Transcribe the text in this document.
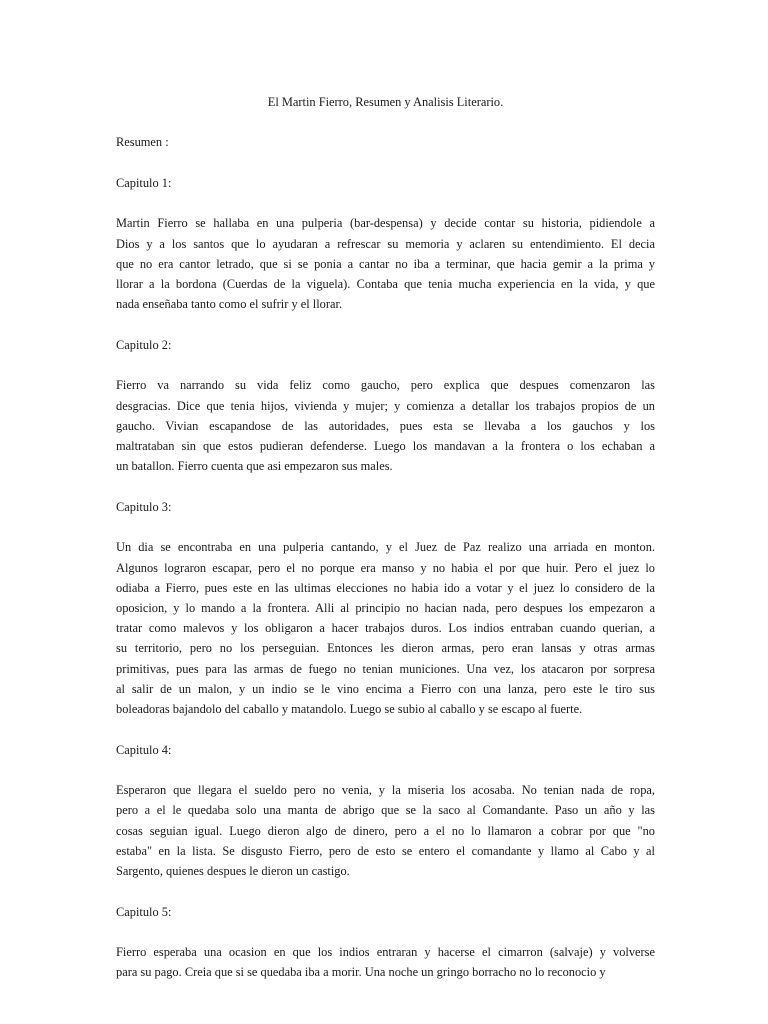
El Martin Fierro, Resumen y Analisis Literario.
Resumen :
Capitulo 1:
Martin Fierro se hallaba en una pulperia (bar-despensa) y decide contar su historia, pidiendole a
Dios y a los santos que lo ayudaran a refrescar su memoria y aclaren su entendimiento. El decia
que no era cantor letrado, que si se ponia a cantar no iba a terminar, que hacia gemir a la prima y
llorar a la bordona (Cuerdas de la viguela). Contaba que tenia mucha experiencia en la vida, y que
nada enseñaba tanto como el sufrir y el llorar.
Capitulo 2:
Fierro va narrando su vida feliz como gaucho, pero explica que despues comenzaron las
desgracias. Dice que tenia hijos, vivienda y mujer; y comienza a detallar los trabajos propios de un
gaucho. Vivian escapandose de las autoridades, pues esta se llevaba a los gauchos y los
maltrataban sin que estos pudieran defenderse. Luego los mandavan a la frontera o los echaban a
un batallon. Fierro cuenta que asi empezaron sus males.
Capitulo 3:
Un dia se encontraba en una pulperia cantando, y el Juez de Paz realizo una arriada en monton.
Algunos lograron escapar, pero el no porque era manso y no habia el por que huir. Pero el juez lo
odiaba a Fierro, pues este en las ultimas elecciones no habia ido a votar y el juez lo considero de la
oposicion, y lo mando a la frontera. Alli al principio no hacian nada, pero despues los empezaron a
tratar como malevos y los obligaron a hacer trabajos duros. Los indios entraban cuando querian, a
su territorio, pero no los perseguian. Entonces les dieron armas, pero eran lansas y otras armas
primitivas, pues para las armas de fuego no tenian municiones. Una vez, los atacaron por sorpresa
al salir de un malon, y un indio se le vino encima a Fierro con una lanza, pero este le tiro sus
boleadoras bajandolo del caballo y matandolo. Luego se subio al caballo y se escapo al fuerte.
Capitulo 4:
Esperaron que llegara el sueldo pero no venia, y la miseria los acosaba. No tenian nada de ropa,
pero a el le quedaba solo una manta de abrigo que se la saco al Comandante. Paso un año y las
cosas seguian igual. Luego dieron algo de dinero, pero a el no lo llamaron a cobrar por que "no
estaba" en la lista. Se disgusto Fierro, pero de esto se entero el comandante y llamo al Cabo y al
Sargento, quienes despues le dieron un castigo.
Capitulo 5:
Fierro esperaba una ocasion en que los indios entraran y hacerse el cimarron (salvaje) y volverse
para su pago. Creia que si se quedaba iba a morir. Una noche un gringo borracho no lo reconocio y
